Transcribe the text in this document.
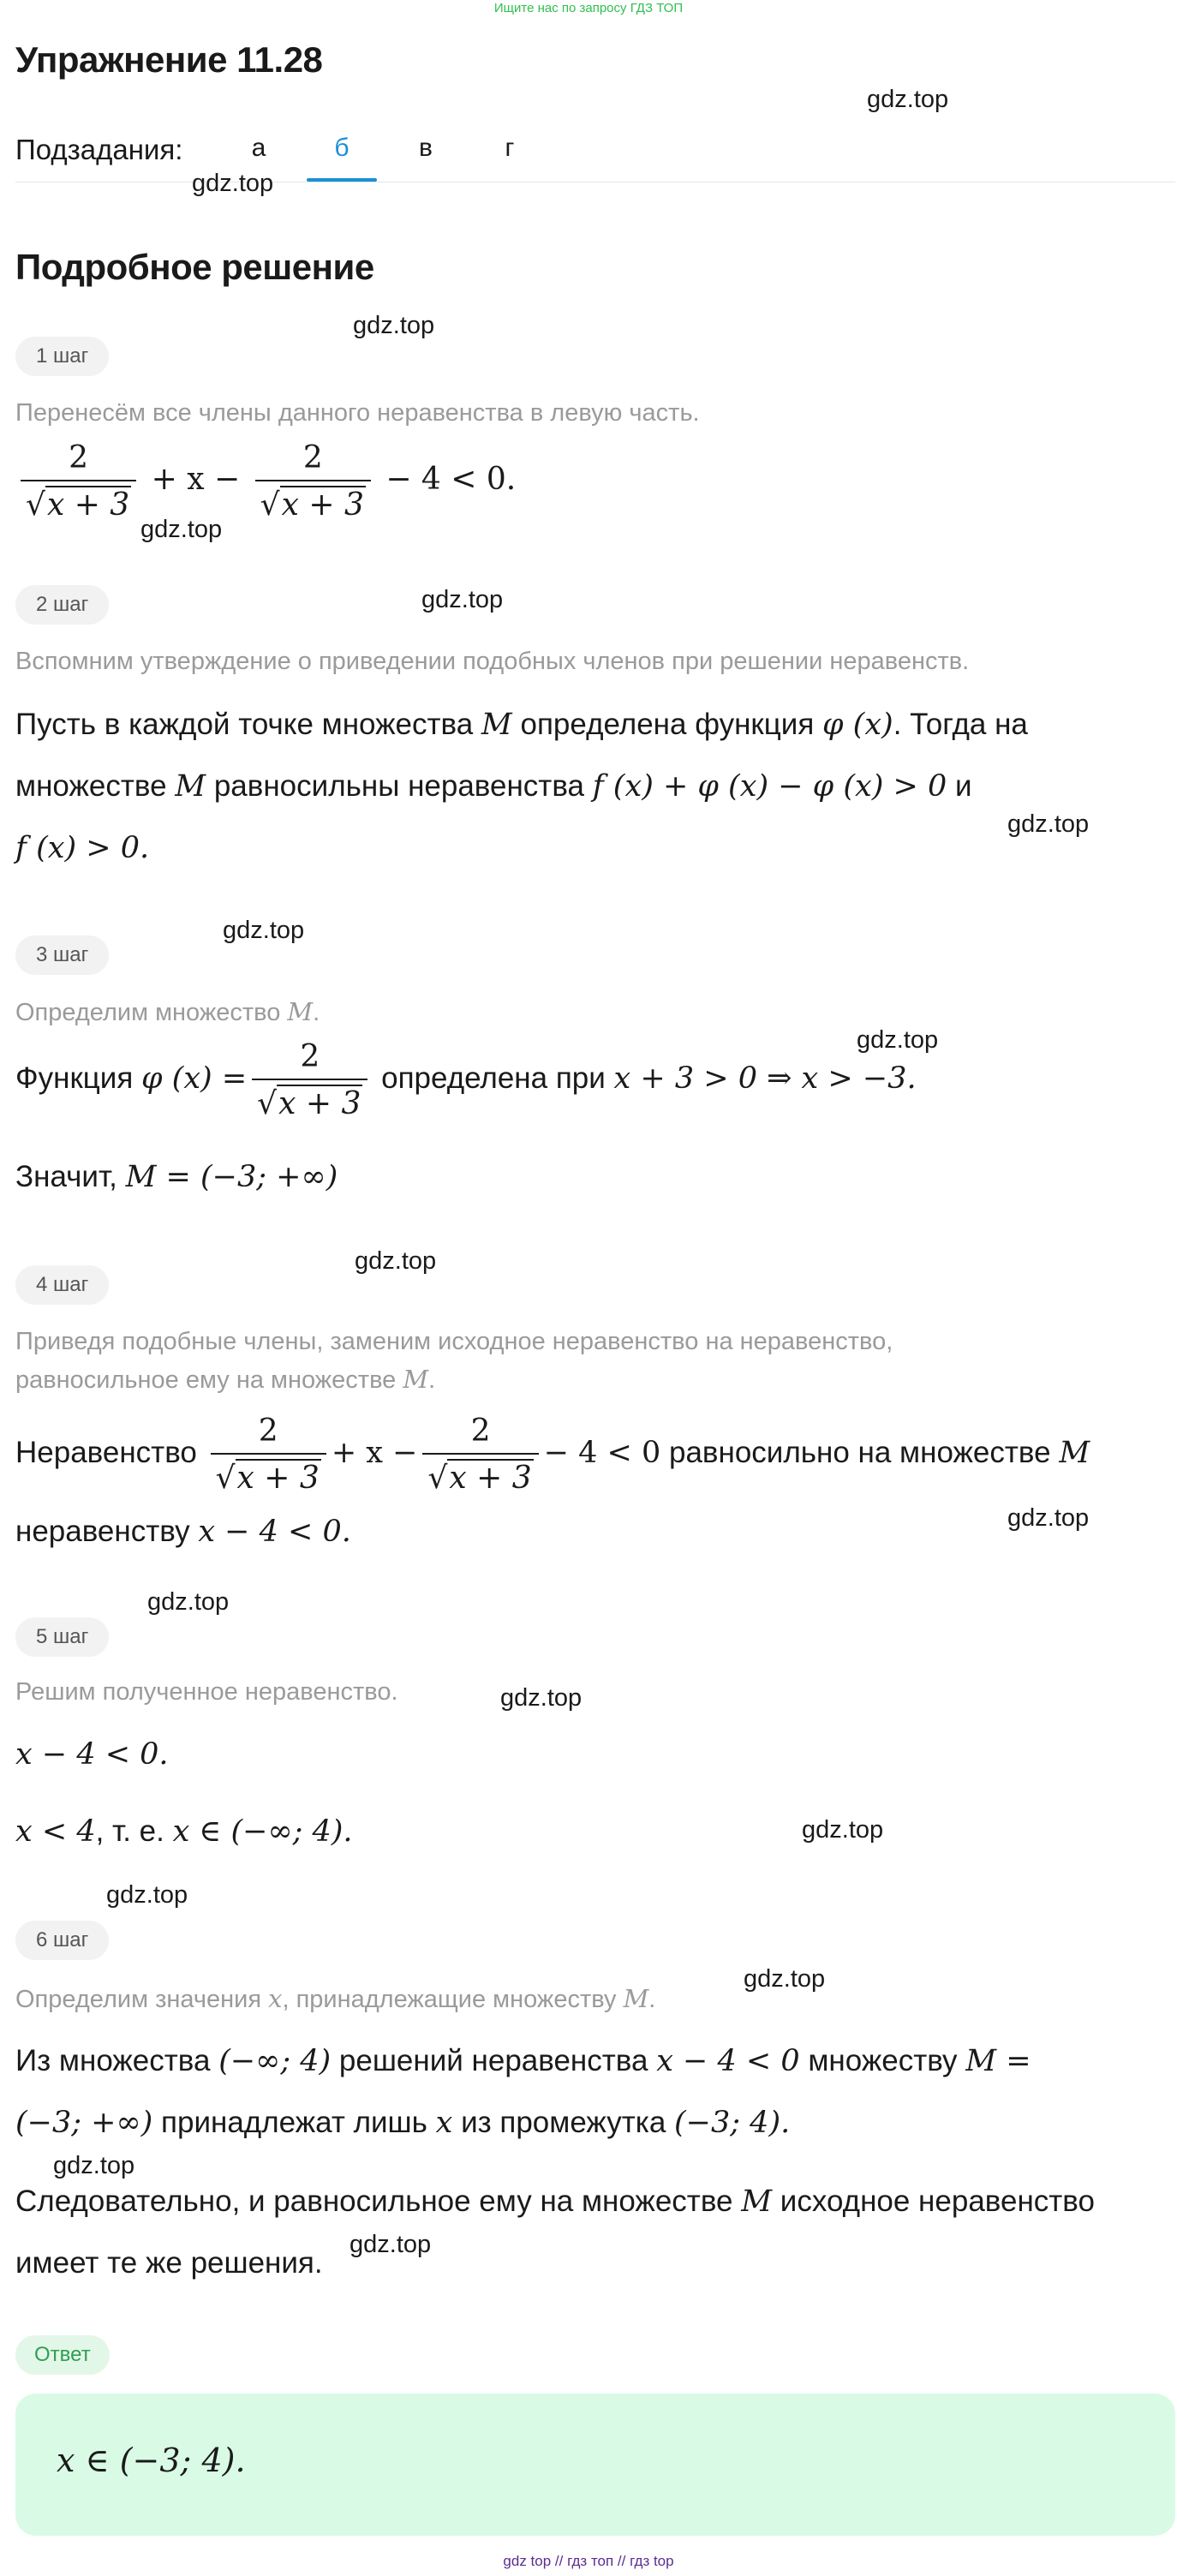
Ищите нас по запросу ГДЗ ТОП
Упражнение 11.28
Подзадания:	а	б	в	г
Подробное решение
gdz.top
gdz.top
gdz.top
gdz.top
gdz.top
gdz.top
gdz.top
gdz.top
gdz.top
gdz.top
gdz.top
gdz.top
gdz.top
gdz.top
gdz.top
gdz.top
gdz.top
1 шаг
Перенесём все члены данного неравенства в левую часть.
$\frac{2}{√x + 3} + x - \frac{2}{√x + 3} - 4 < 0$.
2 шаг
Вспомним утверждение о приведении подобных членов при решении неравенств.
Пусть в каждой точке множества M определена функция φ (x). Тогда на
множестве M равносильны неравенства f (x) + φ (x) − φ (x) > 0 и
f (x) > 0.
3 шаг
Определим множество M.
Функция φ $(x) = \frac{2}{√x + 3}$ определена при x + 3 > 0 ⇒ x > −3.
Значит, M = (−3; +∞)
4 шаг
Приведя подобные члены, заменим исходное неравенство на неравенство,
равносильное ему на множестве M.
Неравенство $\frac{2}{√x + 3} + x - \frac{2}{√x + 3} - 4 < 0$ равносильно на множестве M
неравенству x − 4 < 0.
5 шаг
Решим полученное неравенство.
x − 4 < 0.
x < 4, т. е. x ∈ (−∞; 4).
6 шаг
Определим значения x, принадлежащие множеству M.
Из множества (−∞; 4) решений неравенства x − 4 < 0 множеству M =
(−3; +∞) принадлежат лишь x из промежутка (−3; 4).
Следовательно, и равносильное ему на множестве M исходное неравенство
имеет те же решения.
Ответ
x ∈ (−3; 4).
gdz top // гдз топ // гдз top
